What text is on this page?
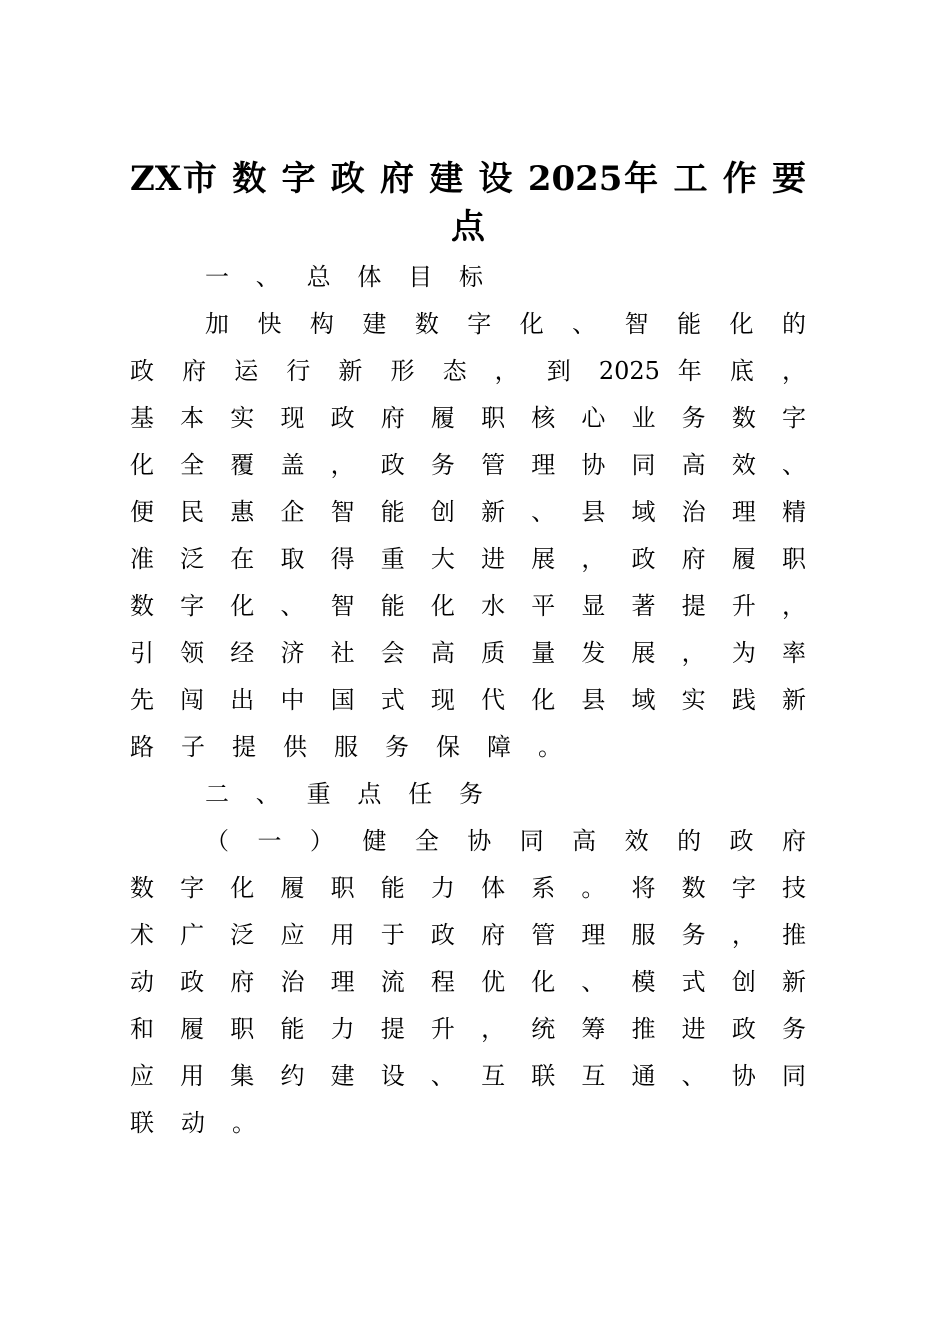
ZX市 数 字 政 府 建 设 2025年 工 作 要
点
一 、 总 体 目 标
加 快 构 建 数 字 化 、 智 能 化 的
政 府 运 行 新 形 态 ， 到 2025 年 底 ，
基 本 实 现 政 府 履 职 核 心 业 务 数 字
化 全 覆 盖 ， 政 务 管 理 协 同 高 效 、
便 民 惠 企 智 能 创 新 、 县 域 治 理 精
准 泛 在 取 得 重 大 进 展 ， 政 府 履 职
数 字 化 、 智 能 化 水 平 显 著 提 升 ，
引 领 经 济 社 会 高 质 量 发 展 ， 为 率
先 闯 出 中 国 式 现 代 化 县 域 实 践 新
路子提供服务保障。
二 、 重 点 任 务
（ 一 ） 健 全 协 同 高 效 的 政 府
数 字 化 履 职 能 力 体 系 。 将 数 字 技
术 广 泛 应 用 于 政 府 管 理 服 务 ， 推
动 政 府 治 理 流 程 优 化 、 模 式 创 新
和 履 职 能 力 提 升 ， 统 筹 推 进 政 务
应 用 集 约 建 设 、 互 联 互 通 、 协 同
联动。
